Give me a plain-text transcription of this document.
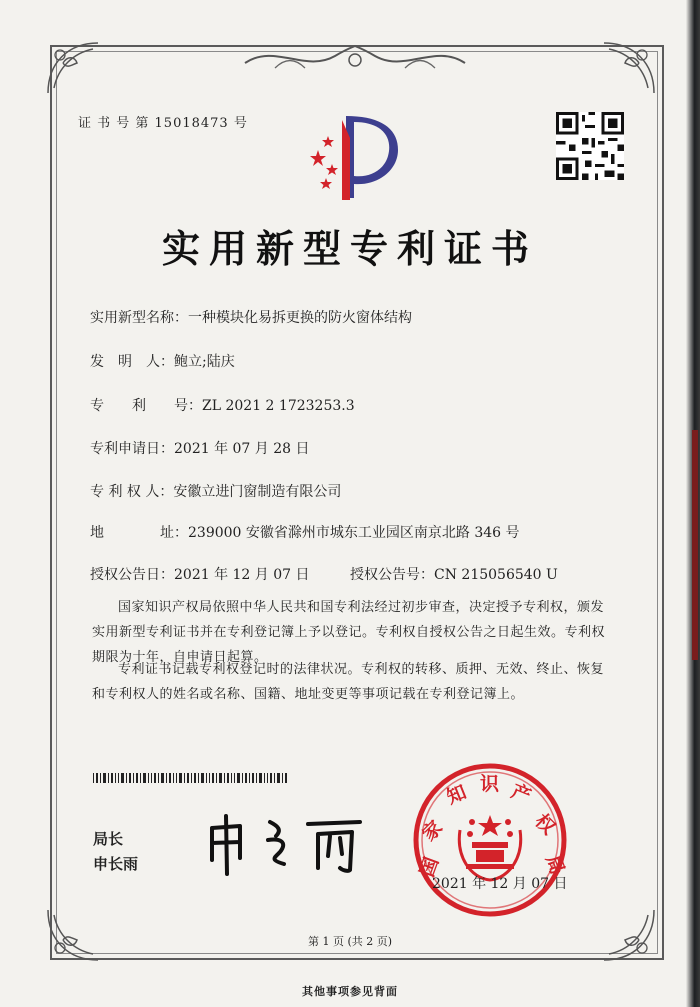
证 书 号 第 15018473 号
实用新型专利证书
实用新型名称：一种模块化易拆更换的防火窗体结构
发　明　人：鲍立;陆庆
专　　利　　号：ZL 2021 2 1723253.3
专利申请日：2021 年 07 月 28 日
专 利 权 人：安徽立进门窗制造有限公司
地　　　　址：239000 安徽省滁州市城东工业园区南京北路 346 号
授权公告日：2021 年 12 月 07 日	授权公告号：CN 215056540 U
国家知识产权局依照中华人民共和国专利法经过初步审查，决定授予专利权，颁发实用新型专利证书并在专利登记簿上予以登记。专利权自授权公告之日起生效。专利权期限为十年，自申请日起算。
专利证书记载专利权登记时的法律状况。专利权的转移、质押、无效、终止、恢复和专利权人的姓名或名称、国籍、地址变更等事项记载在专利登记簿上。
局长
申长雨	国
家
知 识 产
权
局
2021 年 12 月 07 日
第 1 页 (共 2 页)
其他事项参见背面
